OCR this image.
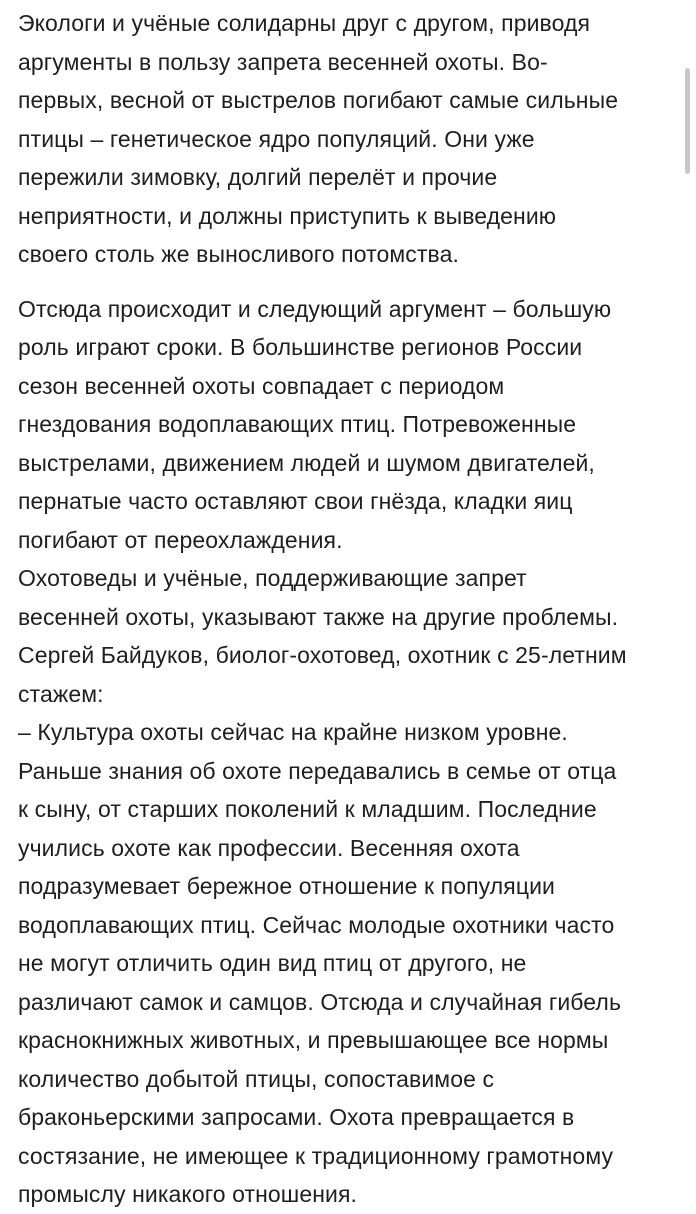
Экологи и учёные солидарны друг с другом, приводя
аргументы в пользу запрета весенней охоты. Во-
первых, весной от выстрелов погибают самые сильные
птицы – генетическое ядро популяций. Они уже
пережили зимовку, долгий перелёт и прочие
неприятности, и должны приступить к выведению
своего столь же выносливого потомства.
Отсюда происходит и следующий аргумент – большую
роль играют сроки. В большинстве регионов России
сезон весенней охоты совпадает с периодом
гнездования водоплавающих птиц. Потревоженные
выстрелами, движением людей и шумом двигателей,
пернатые часто оставляют свои гнёзда, кладки яиц
погибают от переохлаждения.
Охотоведы и учёные, поддерживающие запрет
весенней охоты, указывают также на другие проблемы.
Сергей Байдуков, биолог-охотовед, охотник с 25-летним
стажем:
– Культура охоты сейчас на крайне низком уровне.
Раньше знания об охоте передавались в семье от отца
к сыну, от старших поколений к младшим. Последние
учились охоте как профессии. Весенняя охота
подразумевает бережное отношение к популяции
водоплавающих птиц. Сейчас молодые охотники часто
не могут отличить один вид птиц от другого, не
различают самок и самцов. Отсюда и случайная гибель
краснокнижных животных, и превышающее все нормы
количество добытой птицы, сопоставимое с
браконьерскими запросами. Охота превращается в
состязание, не имеющее к традиционному грамотному
промыслу никакого отношения.
